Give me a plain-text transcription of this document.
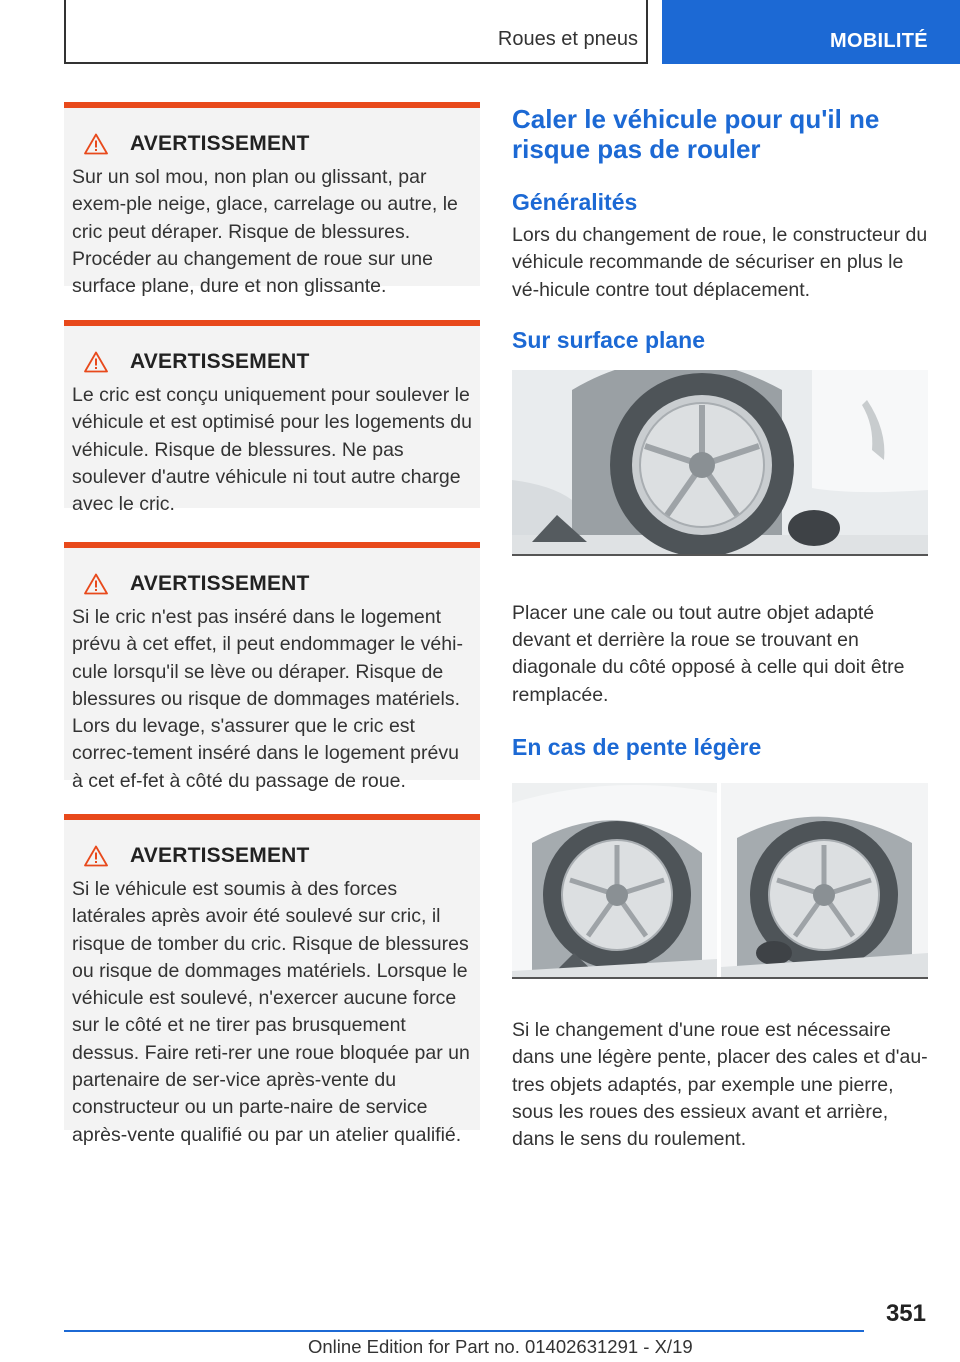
Roues et pneus	MOBILITÉ
AVERTISSEMENT

Sur un sol mou, non plan ou glissant, par exem-ple neige, glace, carrelage ou autre, le cric peut déraper. Risque de blessures. Procéder au changement de roue sur une surface plane, dure et non glissante.

AVERTISSEMENT

Le cric est conçu uniquement pour soulever le véhicule et est optimisé pour les logements du véhicule. Risque de blessures. Ne pas soulever d'autre véhicule ni tout autre charge avec le cric.

AVERTISSEMENT

Si le cric n'est pas inséré dans le logement prévu à cet effet, il peut endommager le véhi-cule lorsqu'il se lève ou déraper. Risque de blessures ou risque de dommages matériels. Lors du levage, s'assurer que le cric est correc-tement inséré dans le logement prévu à cet ef-fet à côté du passage de roue.

AVERTISSEMENT

Si le véhicule est soumis à des forces latérales après avoir été soulevé sur cric, il risque de tomber du cric. Risque de blessures ou risque de dommages matériels. Lorsque le véhicule est soulevé, n'exercer aucune force sur le côté et ne tirer pas brusquement dessus. Faire reti-rer une roue bloquée par un partenaire de ser-vice après-vente du constructeur ou un parte-naire de service après-vente qualifié ou par un atelier qualifié.

Caler le véhicule pour qu'il ne risque pas de rouler
Généralités

Lors du changement de roue, le constructeur du véhicule recommande de sécuriser en plus le vé-hicule contre tout déplacement.

Sur surface plane

Placer une cale ou tout autre objet adapté devant et derrière la roue se trouvant en diagonale du côté opposé à celle qui doit être remplacée.

En cas de pente légère

Si le changement d'une roue est nécessaire dans une légère pente, placer des cales et d'au-tres objets adaptés, par exemple une pierre, sous les roues des essieux avant et arrière, dans le sens du roulement.

351
Online Edition for Part no. 01402631291 - X/19
